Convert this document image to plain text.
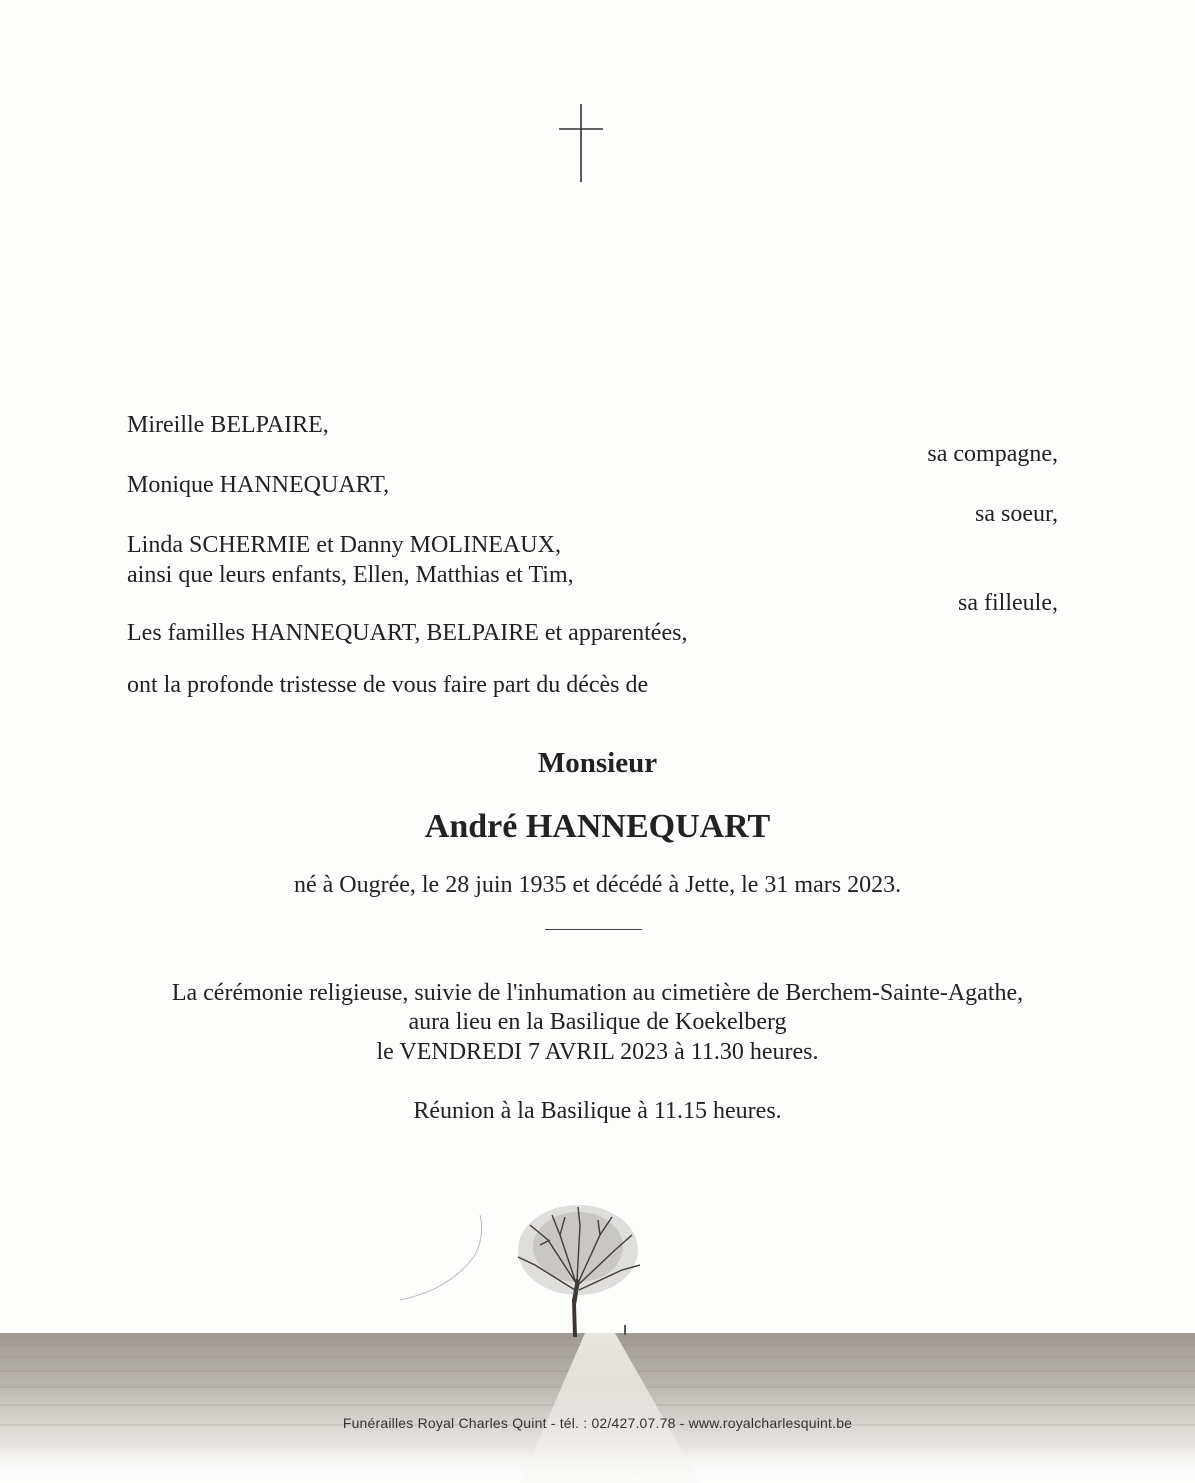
Mireille BELPAIRE,
sa compagne,
Monique HANNEQUART,
sa soeur,
Linda SCHERMIE et Danny MOLINEAUX,
ainsi que leurs enfants, Ellen, Matthias et Tim,
sa filleule,
Les familles HANNEQUART, BELPAIRE et apparentées,
ont la profonde tristesse de vous faire part du décès de
Monsieur
André HANNEQUART
né à Ougrée, le 28 juin 1935 et décédé à Jette, le 31 mars 2023.
La cérémonie religieuse, suivie de l'inhumation au cimetière de Berchem-Sainte-Agathe,
aura lieu en la Basilique de Koekelberg
le VENDREDI 7 AVRIL 2023 à 11.30 heures.
Réunion à la Basilique à 11.15 heures.
Funérailles Royal Charles Quint - tél. : 02/427.07.78 - www.royalcharlesquint.be
